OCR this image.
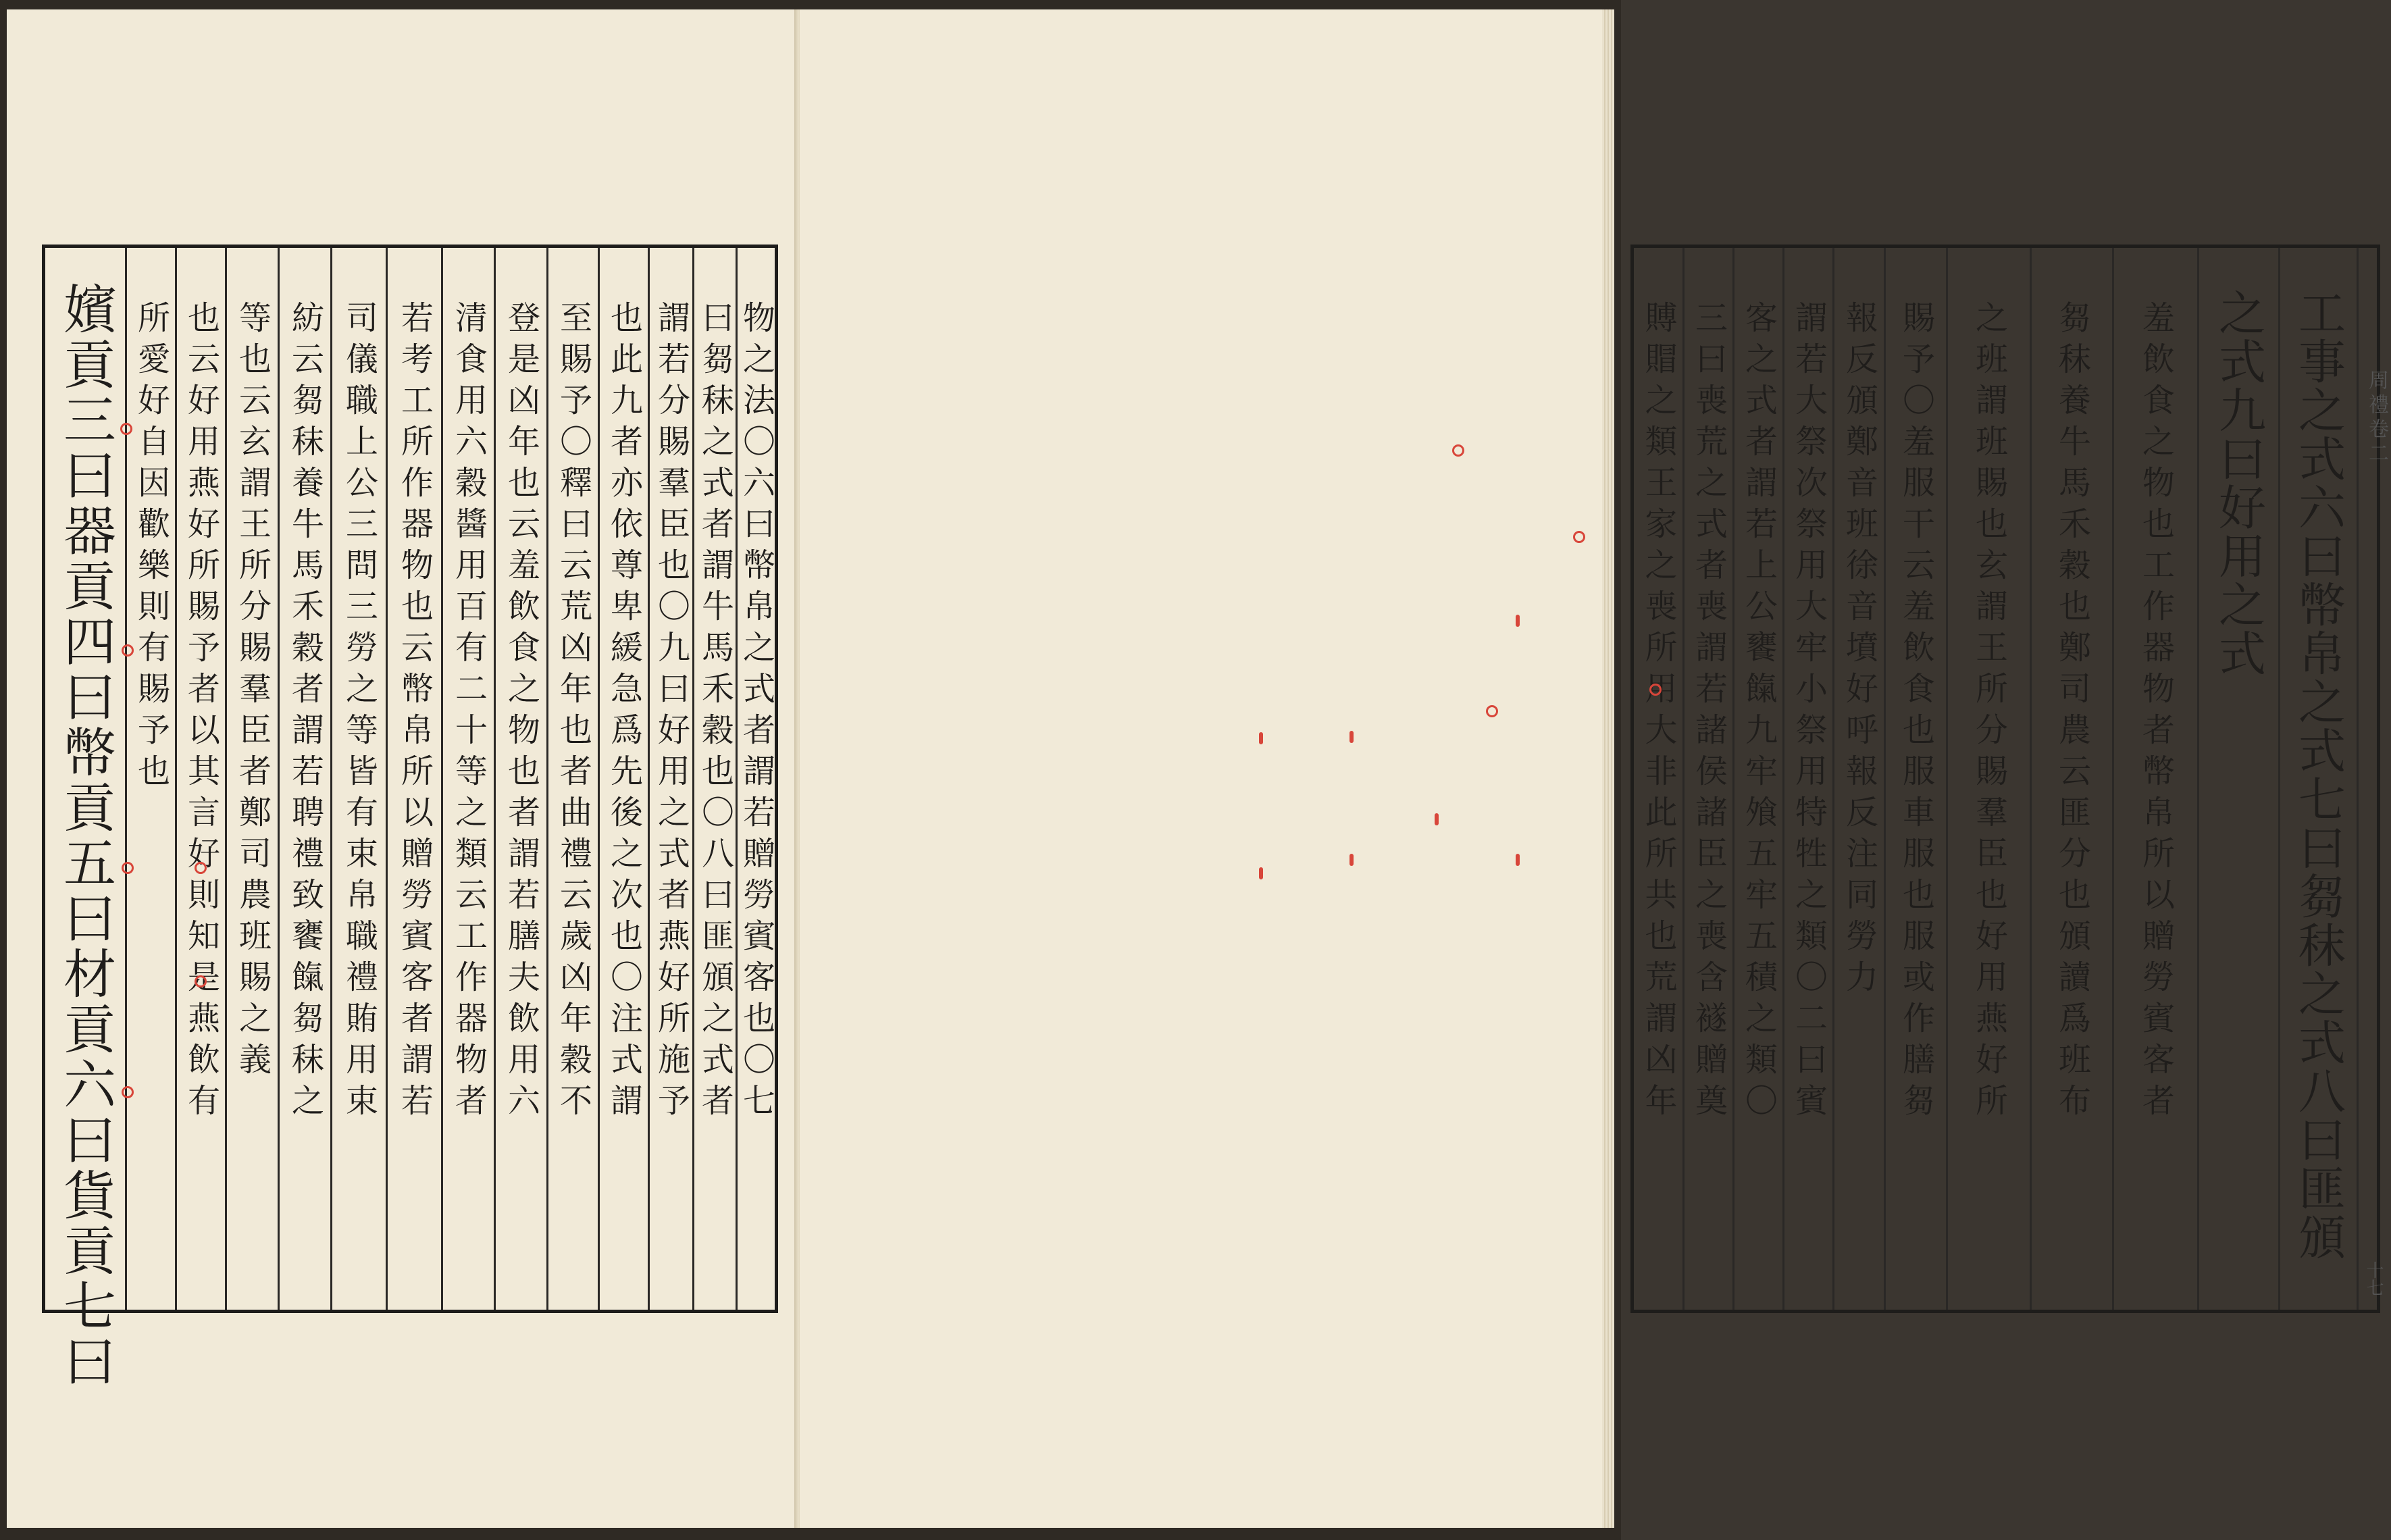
嬪貢三曰器貢四曰幣貢五曰材貢六曰貨貢七曰 所愛好自因歡樂則有賜予也 也云好用燕好所賜予者以其言好則知是燕飲有 等也云玄謂王所分賜羣臣者鄭司農班賜之義 紡云芻秣養牛馬禾穀者謂若聘禮致饔餼芻秣之 司儀職上公三問三勞之等皆有束帛職禮賄用束 若考工所作器物也云幣帛所以贈勞賓客者謂若 清食用六穀醬用百有二十等之類云工作器物者 登是凶年也云羞飲食之物也者謂若膳夫飲用六 至賜予〇釋曰云荒凶年也者曲禮云歲凶年穀不 也此九者亦依尊卑緩急爲先後之次也〇注式謂 謂若分賜羣臣也〇九曰好用之式者燕好所施予 曰芻秣之式者謂牛馬禾穀也〇八曰匪頒之式者 物之法〇六曰幣帛之式者謂若贈勞賓客也〇七	賻賵之類王家之喪所用大非此所共也荒謂凶年 三曰喪荒之式者喪謂若諸侯諸臣之喪含襚贈奠 客之式者謂若上公饔餼九牢飧五牢五積之類〇 謂若大祭次祭用大牢小祭用特牲之類〇二曰賓 報反頒鄭音班徐音墳好呼報反注同勞力 賜予〇羞服干云羞飲食也服車服也服或作膳芻 之班謂班賜也玄謂王所分賜羣臣也好用燕好所 芻秣養牛馬禾穀也鄭司農云匪分也頒讀爲班布 羞飲食之物也工作器物者幣帛所以贈勞賓客者 之式九曰好用之式 工事之式六曰幣帛之式七曰芻秣之式八曰匪頒 周禮卷二
十七
